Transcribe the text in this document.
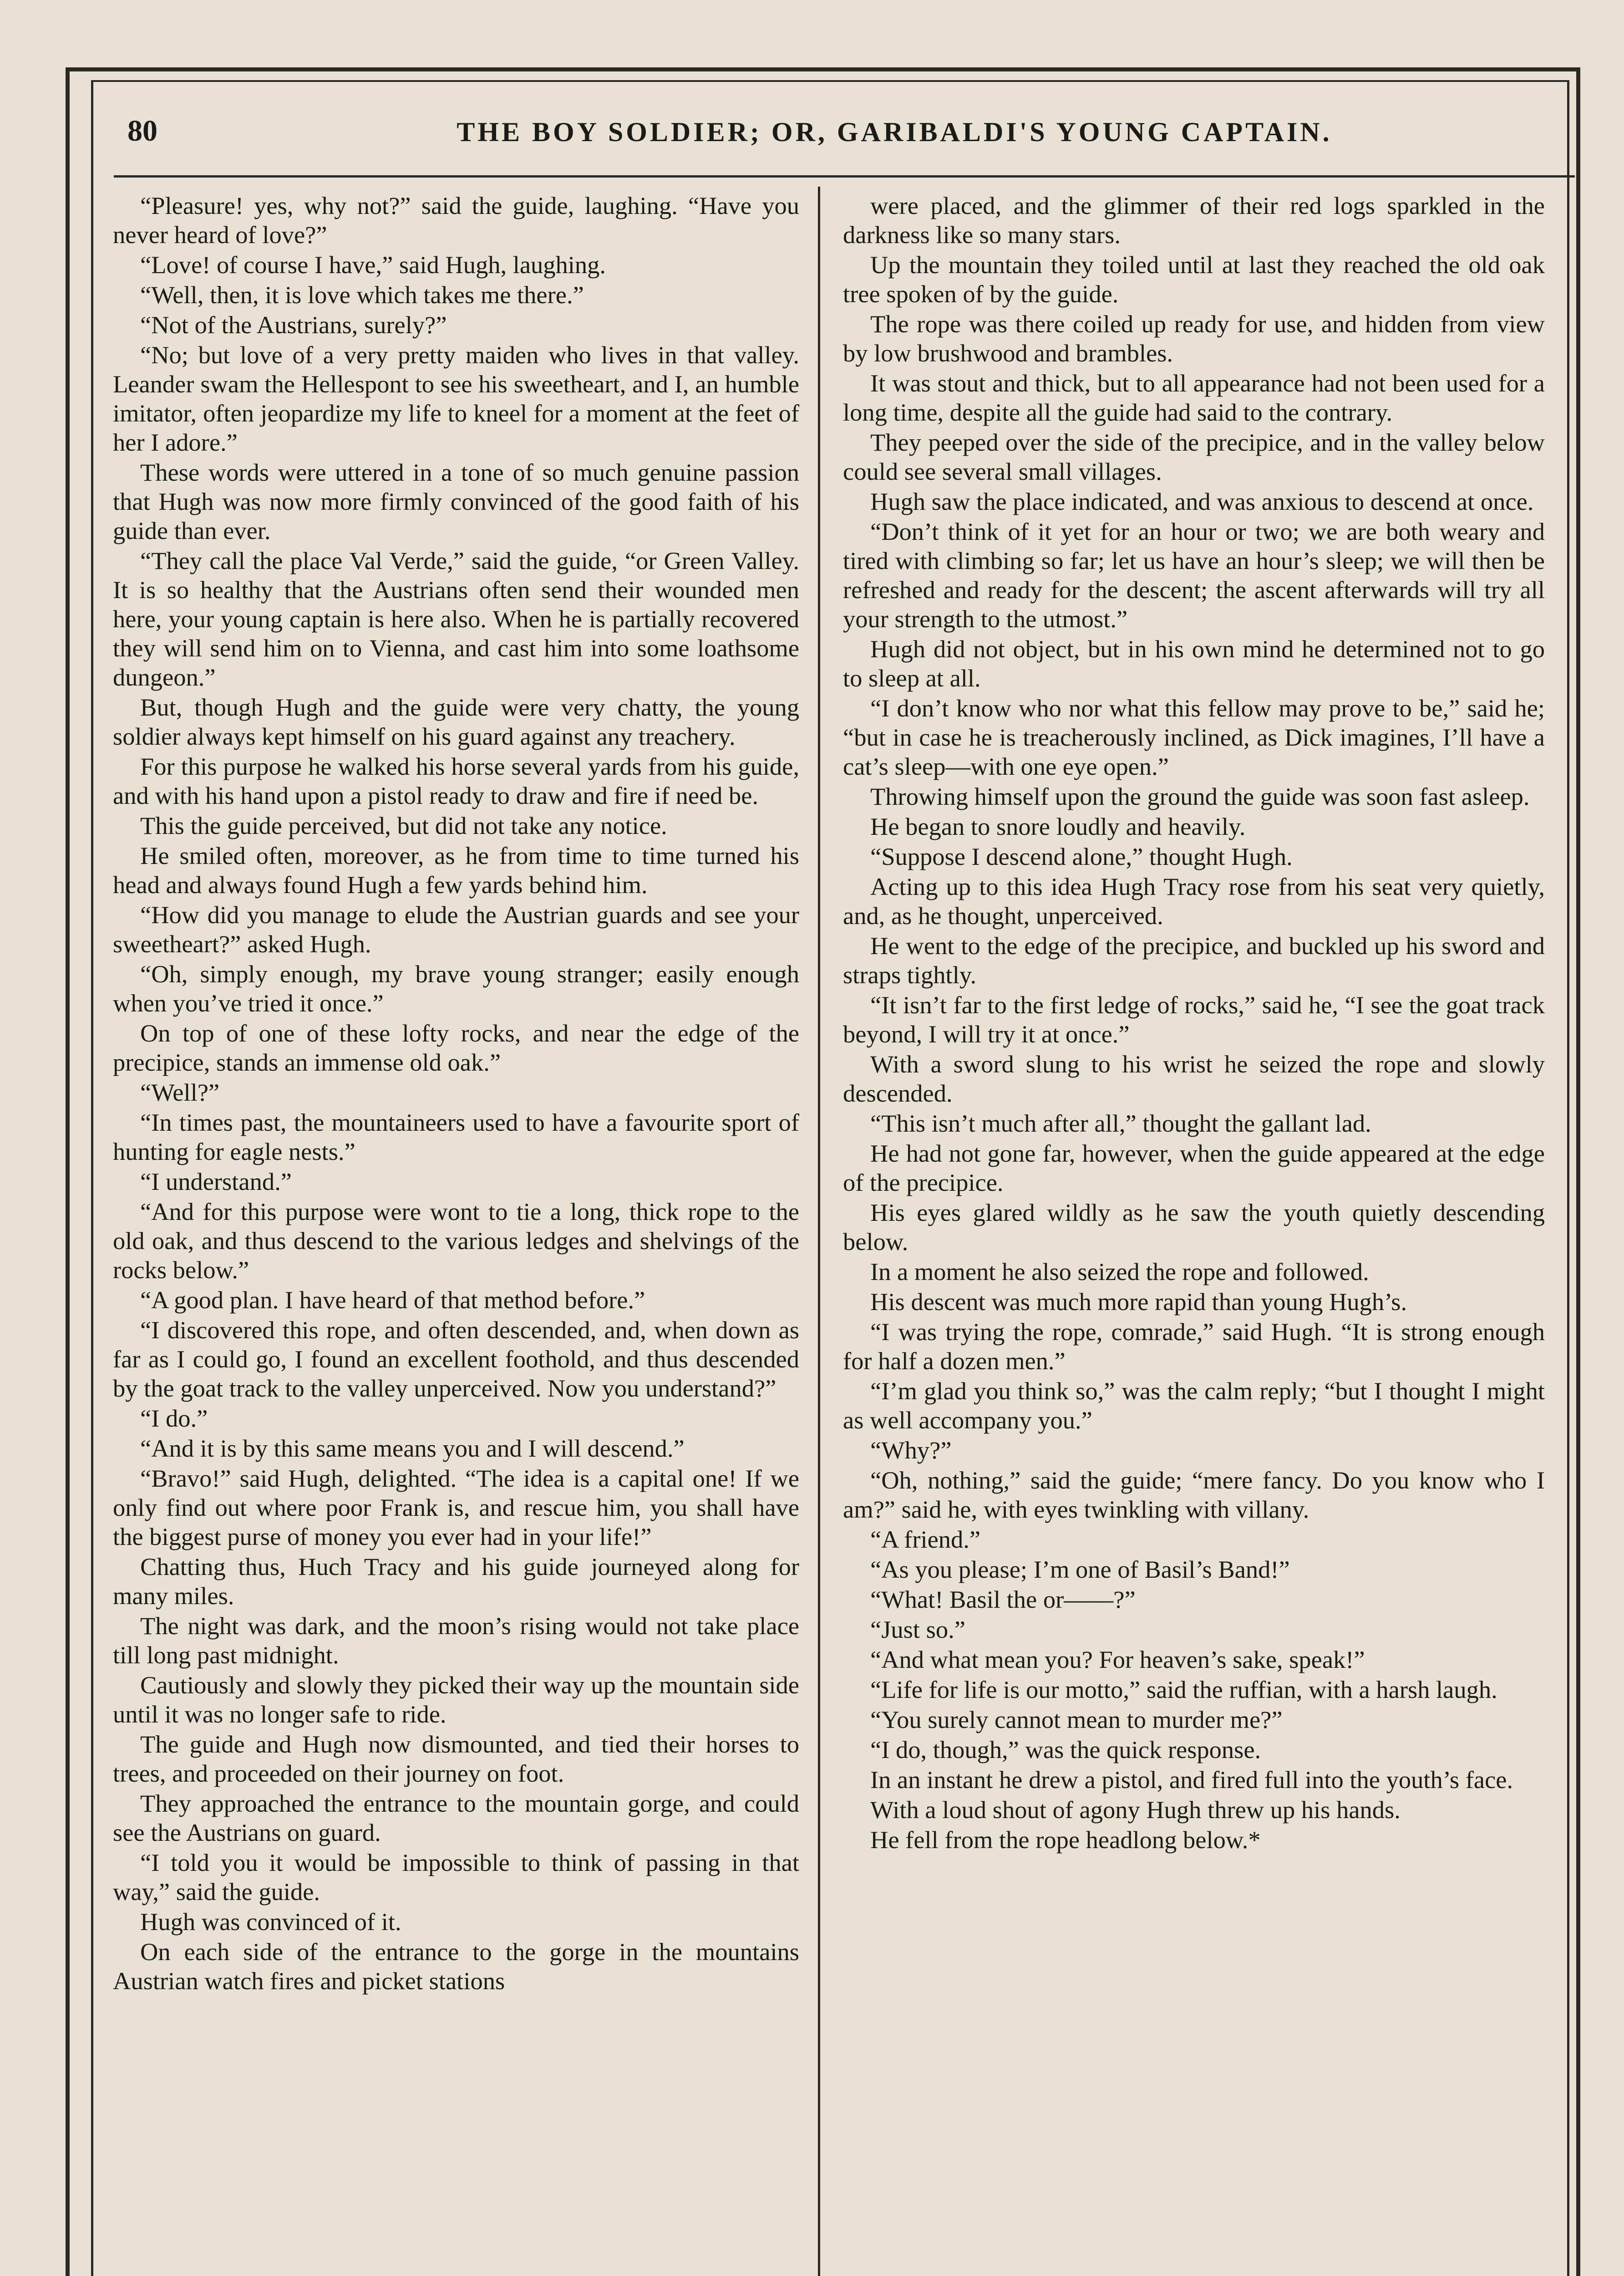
80	THE BOY SOLDIER; OR, GARIBALDI'S YOUNG CAPTAIN.

“Pleasure! yes, why not?” said the guide, laughing. “Have you never heard of love?”

“Love! of course I have,” said Hugh, laughing.

“Well, then, it is love which takes me there.”

“Not of the Austrians, surely?”

“No; but love of a very pretty maiden who lives in that valley. Leander swam the Hellespont to see his sweetheart, and I, an humble imitator, often jeopardize my life to kneel for a moment at the feet of her I adore.”

These words were uttered in a tone of so much genuine passion that Hugh was now more firmly convinced of the good faith of his guide than ever.

“They call the place Val Verde,” said the guide, “or Green Valley. It is so healthy that the Austrians often send their wounded men here, your young captain is here also. When he is partially recovered they will send him on to Vienna, and cast him into some loathsome dungeon.”

But, though Hugh and the guide were very chatty, the young soldier always kept himself on his guard against any treachery.

For this purpose he walked his horse several yards from his guide, and with his hand upon a pistol ready to draw and fire if need be.

This the guide perceived, but did not take any notice.

He smiled often, moreover, as he from time to time turned his head and always found Hugh a few yards behind him.

“How did you manage to elude the Austrian guards and see your sweetheart?” asked Hugh.

“Oh, simply enough, my brave young stranger; easily enough when you’ve tried it once.”

On top of one of these lofty rocks, and near the edge of the precipice, stands an immense old oak.”

“Well?”

“In times past, the mountaineers used to have a favourite sport of hunting for eagle nests.”

“I understand.”

“And for this purpose were wont to tie a long, thick rope to the old oak, and thus descend to the various ledges and shelvings of the rocks below.”

“A good plan. I have heard of that method before.”

“I discovered this rope, and often descended, and, when down as far as I could go, I found an excellent foothold, and thus descended by the goat track to the valley unperceived. Now you understand?”

“I do.”

“And it is by this same means you and I will descend.”

“Bravo!” said Hugh, delighted. “The idea is a capital one! If we only find out where poor Frank is, and rescue him, you shall have the biggest purse of money you ever had in your life!”

Chatting thus, Huch Tracy and his guide journeyed along for many miles.

The night was dark, and the moon’s rising would not take place till long past midnight.

Cautiously and slowly they picked their way up the mountain side until it was no longer safe to ride.

The guide and Hugh now dismounted, and tied their horses to trees, and proceeded on their journey on foot.

They approached the entrance to the mountain gorge, and could see the Austrians on guard.

“I told you it would be impossible to think of passing in that way,” said the guide.

Hugh was convinced of it.

On each side of the entrance to the gorge in the mountains Austrian watch fires and picket stations

were placed, and the glimmer of their red logs sparkled in the darkness like so many stars.

Up the mountain they toiled until at last they reached the old oak tree spoken of by the guide.

The rope was there coiled up ready for use, and hidden from view by low brushwood and brambles.

It was stout and thick, but to all appearance had not been used for a long time, despite all the guide had said to the contrary.

They peeped over the side of the precipice, and in the valley below could see several small villages.

Hugh saw the place indicated, and was anxious to descend at once.

“Don’t think of it yet for an hour or two; we are both weary and tired with climbing so far; let us have an hour’s sleep; we will then be refreshed and ready for the descent; the ascent afterwards will try all your strength to the utmost.”

Hugh did not object, but in his own mind he determined not to go to sleep at all.

“I don’t know who nor what this fellow may prove to be,” said he; “but in case he is treacherously inclined, as Dick imagines, I’ll have a cat’s sleep—with one eye open.”

Throwing himself upon the ground the guide was soon fast asleep.

He began to snore loudly and heavily.

“Suppose I descend alone,” thought Hugh.

Acting up to this idea Hugh Tracy rose from his seat very quietly, and, as he thought, unperceived.

He went to the edge of the precipice, and buckled up his sword and straps tightly.

“It isn’t far to the first ledge of rocks,” said he, “I see the goat track beyond, I will try it at once.”

With a sword slung to his wrist he seized the rope and slowly descended.

“This isn’t much after all,” thought the gallant lad.

He had not gone far, however, when the guide appeared at the edge of the precipice.

His eyes glared wildly as he saw the youth quietly descending below.

In a moment he also seized the rope and followed.

His descent was much more rapid than young Hugh’s.

“I was trying the rope, comrade,” said Hugh. “It is strong enough for half a dozen men.”

“I’m glad you think so,” was the calm reply; “but I thought I might as well accompany you.”

“Why?”

“Oh, nothing,” said the guide; “mere fancy. Do you know who I am?” said he, with eyes twinkling with villany.

“A friend.”

“As you please; I’m one of Basil’s Band!”

“What! Basil the or——?”

“Just so.”

“And what mean you? For heaven’s sake, speak!”

“Life for life is our motto,” said the ruffian, with a harsh laugh.

“You surely cannot mean to murder me?”

“I do, though,” was the quick response.

In an instant he drew a pistol, and fired full into the youth’s face.

With a loud shout of agony Hugh threw up his hands.

He fell from the rope headlong below.*
